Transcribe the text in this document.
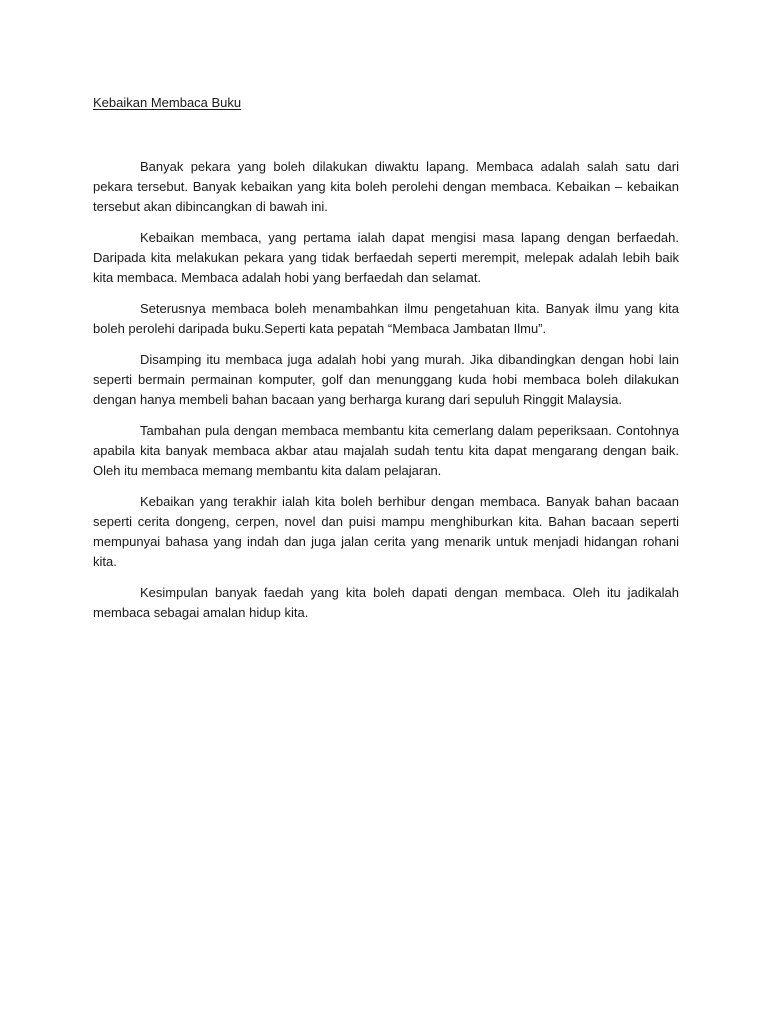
Kebaikan Membaca Buku

Banyak pekara yang boleh dilakukan diwaktu lapang. Membaca adalah salah satu dari pekara tersebut. Banyak kebaikan yang kita boleh perolehi dengan membaca. Kebaikan – kebaikan tersebut akan dibincangkan di bawah ini.

Kebaikan membaca, yang pertama ialah dapat mengisi masa lapang dengan berfaedah. Daripada kita melakukan pekara yang tidak berfaedah seperti merempit, melepak adalah lebih baik kita membaca. Membaca adalah hobi yang berfaedah dan selamat.

Seterusnya membaca boleh menambahkan ilmu pengetahuan kita. Banyak ilmu yang kita boleh perolehi daripada buku.Seperti kata pepatah “Membaca Jambatan Ilmu”.

Disamping itu membaca juga adalah hobi yang murah. Jika dibandingkan dengan hobi lain seperti bermain permainan komputer, golf dan menunggang kuda hobi membaca boleh dilakukan dengan hanya membeli bahan bacaan yang berharga kurang dari sepuluh Ringgit Malaysia.

Tambahan pula dengan membaca membantu kita cemerlang dalam peperiksaan. Contohnya apabila kita banyak membaca akbar atau majalah sudah tentu kita dapat mengarang dengan baik. Oleh itu membaca memang membantu kita dalam pelajaran.

Kebaikan yang terakhir ialah kita boleh berhibur dengan membaca. Banyak bahan bacaan seperti cerita dongeng, cerpen, novel dan puisi mampu menghiburkan kita. Bahan bacaan seperti mempunyai bahasa yang indah dan juga jalan cerita yang menarik untuk menjadi hidangan rohani kita.

Kesimpulan banyak faedah yang kita boleh dapati dengan membaca. Oleh itu jadikalah membaca sebagai amalan hidup kita.
